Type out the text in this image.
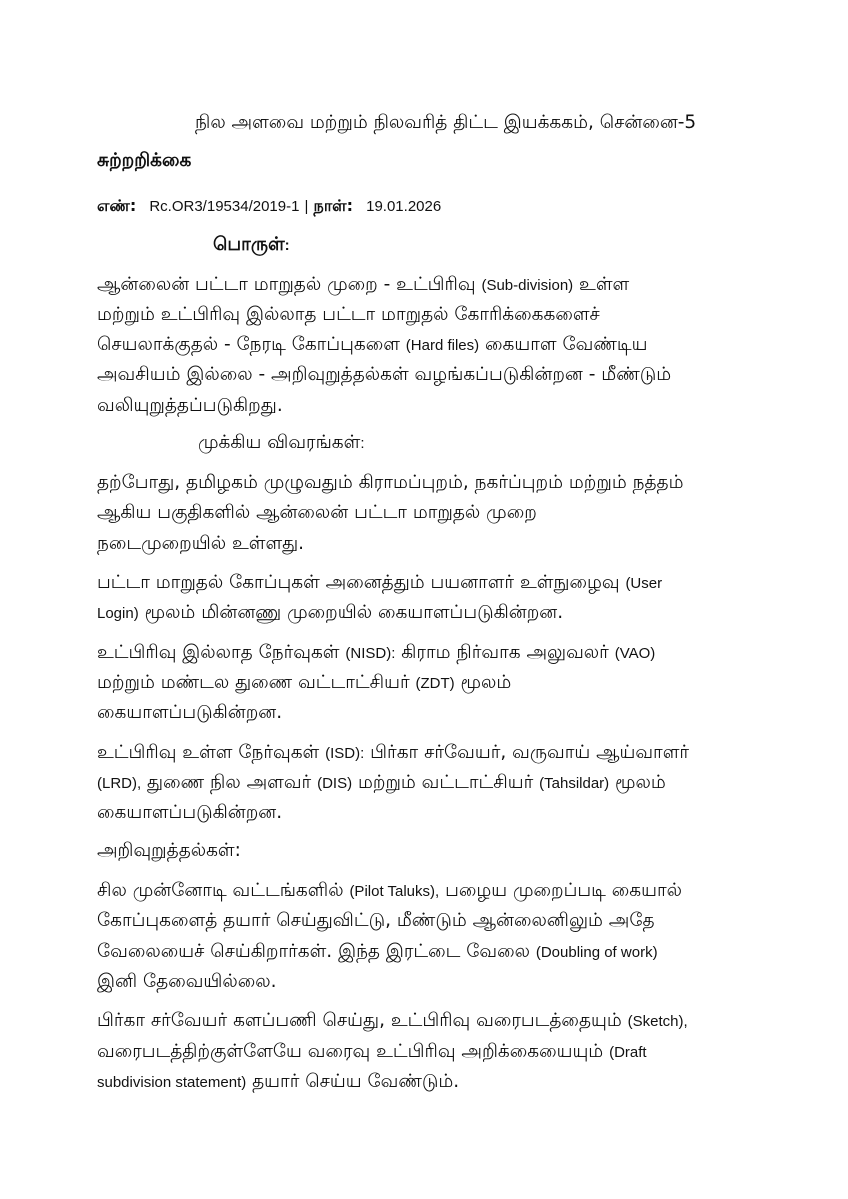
நில அளவை மற்றும் நிலவரித் திட்ட இயக்ககம், சென்னை-5
சுற்றறிக்கை
எண்: Rc.OR3/19534/2019-1 | நாள்: 19.01.2026
பொருள்:
ஆன்லைன் பட்டா மாறுதல் முறை - உட்பிரிவு (Sub-division) உள்ள
மற்றும் உட்பிரிவு இல்லாத பட்டா மாறுதல் கோரிக்கைகளைச்
செயலாக்குதல் - நேரடி கோப்புகளை (Hard files) கையாள வேண்டிய
அவசியம் இல்லை - அறிவுறுத்தல்கள் வழங்கப்படுகின்றன - மீண்டும்
வலியுறுத்தப்படுகிறது.
முக்கிய விவரங்கள்:
தற்போது, தமிழகம் முழுவதும் கிராமப்புறம், நகர்ப்புறம் மற்றும் நத்தம்
ஆகிய பகுதிகளில் ஆன்லைன் பட்டா மாறுதல் முறை
நடைமுறையில் உள்ளது.
பட்டா மாறுதல் கோப்புகள் அனைத்தும் பயனாளர் உள்நுழைவு (User
Login) மூலம் மின்னணு முறையில் கையாளப்படுகின்றன.
உட்பிரிவு இல்லாத நேர்வுகள் (NISD): கிராம நிர்வாக அலுவலர் (VAO)
மற்றும் மண்டல துணை வட்டாட்சியர் (ZDT) மூலம்
கையாளப்படுகின்றன.
உட்பிரிவு உள்ள நேர்வுகள் (ISD): பிர்கா சர்வேயர், வருவாய் ஆய்வாளர்
(LRD), துணை நில அளவர் (DIS) மற்றும் வட்டாட்சியர் (Tahsildar) மூலம்
கையாளப்படுகின்றன.
அறிவுறுத்தல்கள்:
சில முன்னோடி வட்டங்களில் (Pilot Taluks), பழைய முறைப்படி கையால்
கோப்புகளைத் தயார் செய்துவிட்டு, மீண்டும் ஆன்லைனிலும் அதே
வேலையைச் செய்கிறார்கள். இந்த இரட்டை வேலை (Doubling of work)
இனி தேவையில்லை.
பிர்கா சர்வேயர் களப்பணி செய்து, உட்பிரிவு வரைபடத்தையும் (Sketch),
வரைபடத்திற்குள்ளேயே வரைவு உட்பிரிவு அறிக்கையையும் (Draft
subdivision statement) தயார் செய்ய வேண்டும்.
